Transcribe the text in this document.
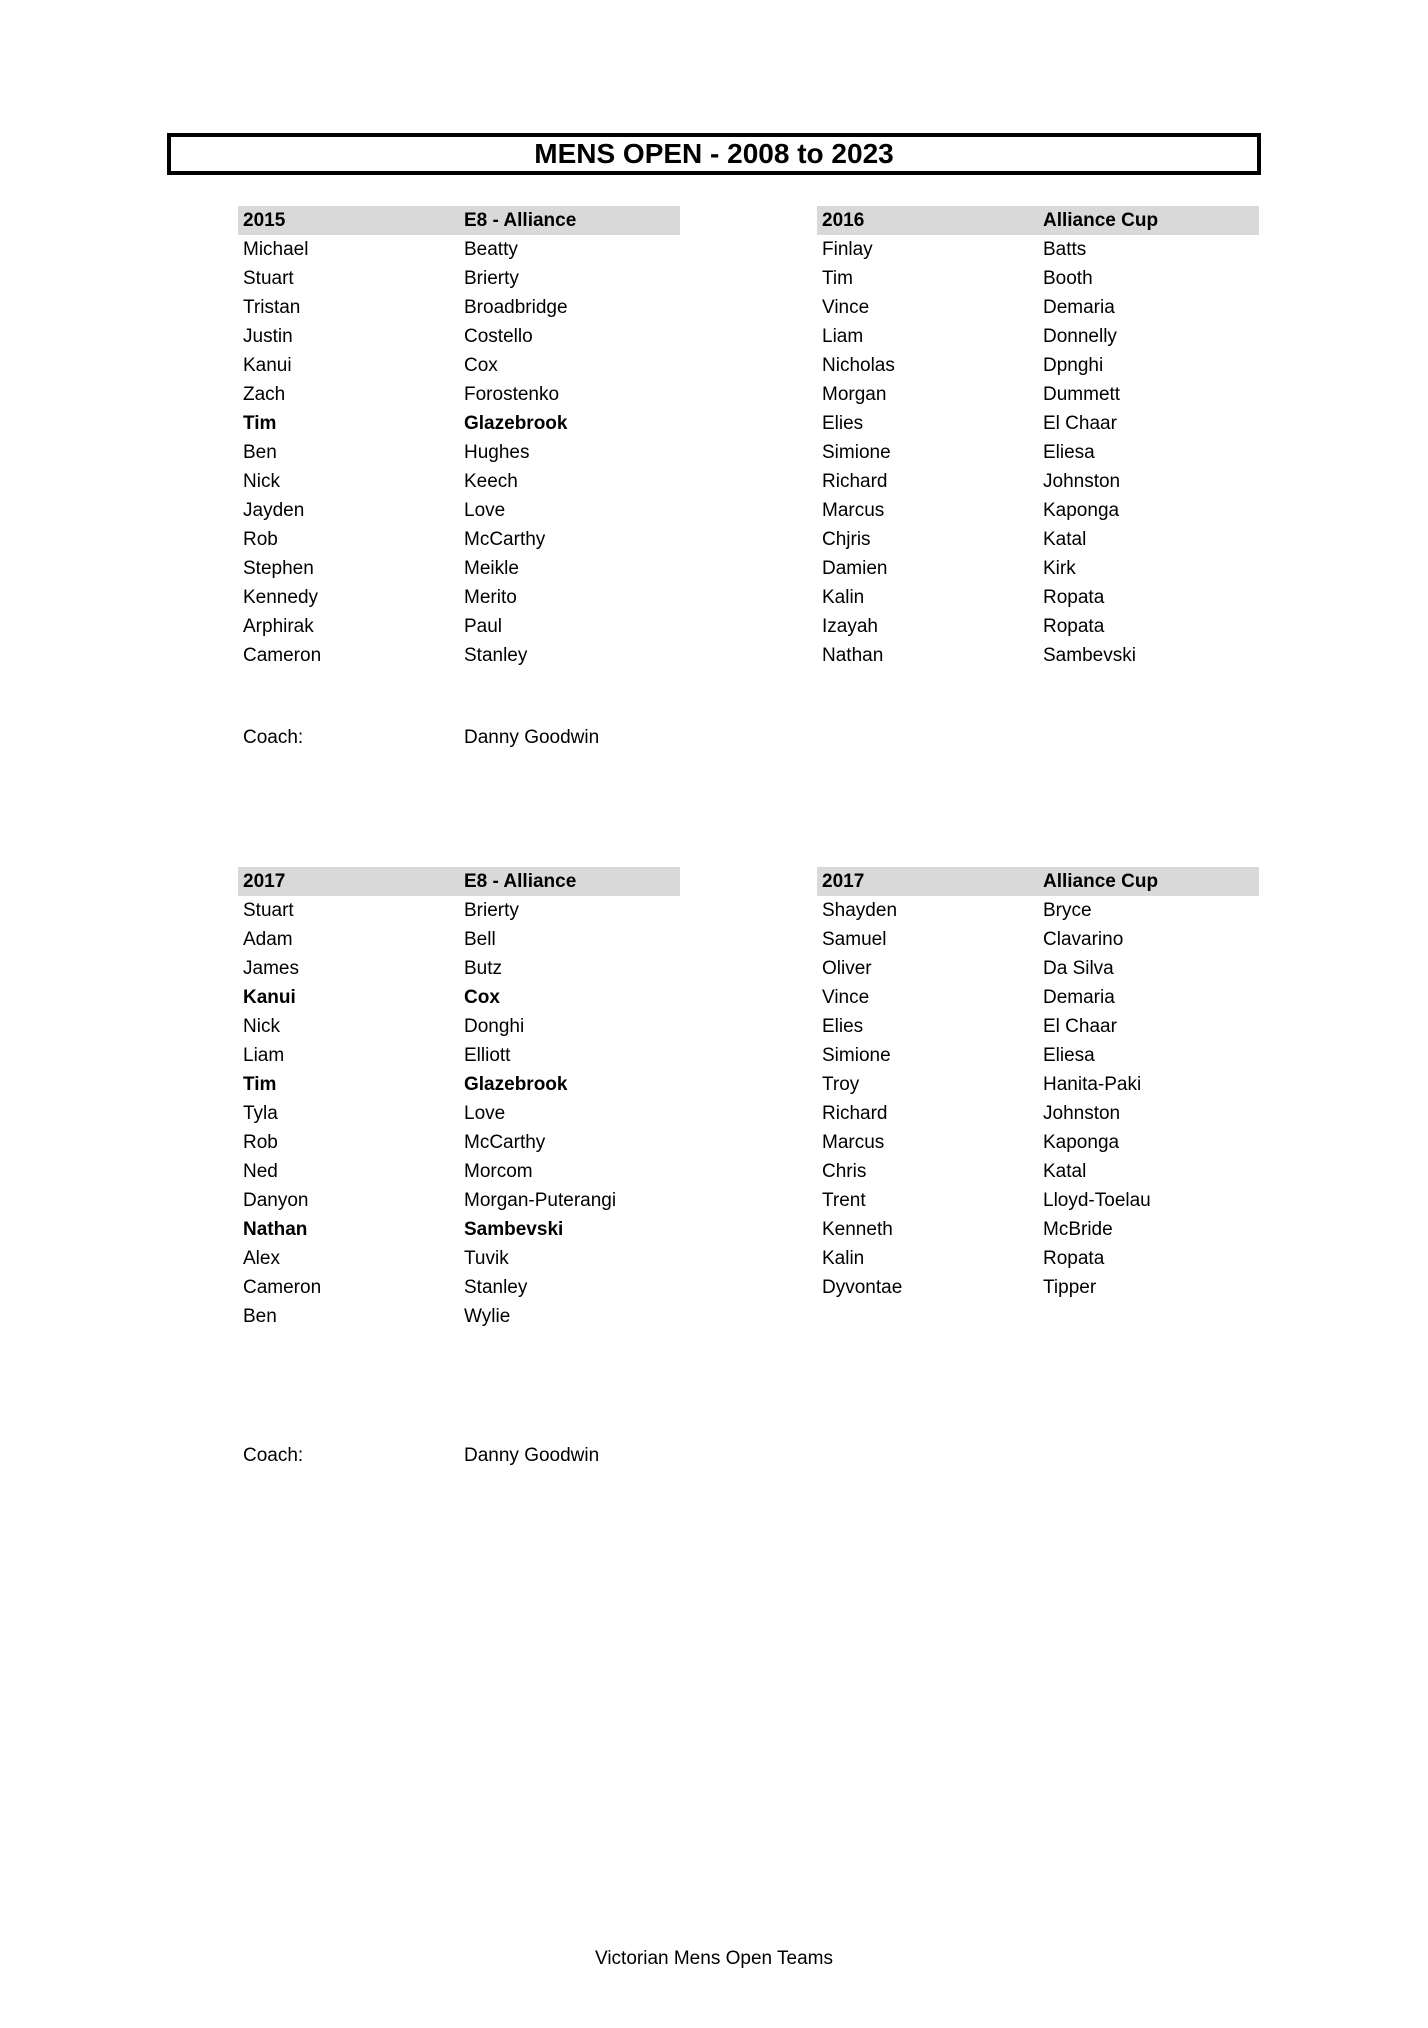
MENS OPEN - 2008 to 2023
2015	E8 - Alliance
Michael	Beatty
Stuart	Brierty
Tristan	Broadbridge
Justin	Costello
Kanui	Cox
Zach	Forostenko
Tim	Glazebrook
Ben	Hughes
Nick	Keech
Jayden	Love
Rob	McCarthy
Stephen	Meikle
Kennedy	Merito
Arphirak	Paul
Cameron	Stanley
2016	Alliance Cup
Finlay	Batts
Tim	Booth
Vince	Demaria
Liam	Donnelly
Nicholas	Dpnghi
Morgan	Dummett
Elies	El Chaar
Simione	Eliesa
Richard	Johnston
Marcus	Kaponga
Chjris	Katal
Damien	Kirk
Kalin	Ropata
Izayah	Ropata
Nathan	Sambevski
2017	E8 - Alliance
Stuart	Brierty
Adam	Bell
James	Butz
Kanui	Cox
Nick	Donghi
Liam	Elliott
Tim	Glazebrook
Tyla	Love
Rob	McCarthy
Ned	Morcom
Danyon	Morgan-Puterangi
Nathan	Sambevski
Alex	Tuvik
Cameron	Stanley
Ben	Wylie
2017	Alliance Cup
Shayden	Bryce
Samuel	Clavarino
Oliver	Da Silva
Vince	Demaria
Elies	El Chaar
Simione	Eliesa
Troy	Hanita-Paki
Richard	Johnston
Marcus	Kaponga
Chris	Katal
Trent	Lloyd-Toelau
Kenneth	McBride
Kalin	Ropata
Dyvontae	Tipper
Coach:	Danny Goodwin
Coach:	Danny Goodwin
Victorian Mens Open Teams
